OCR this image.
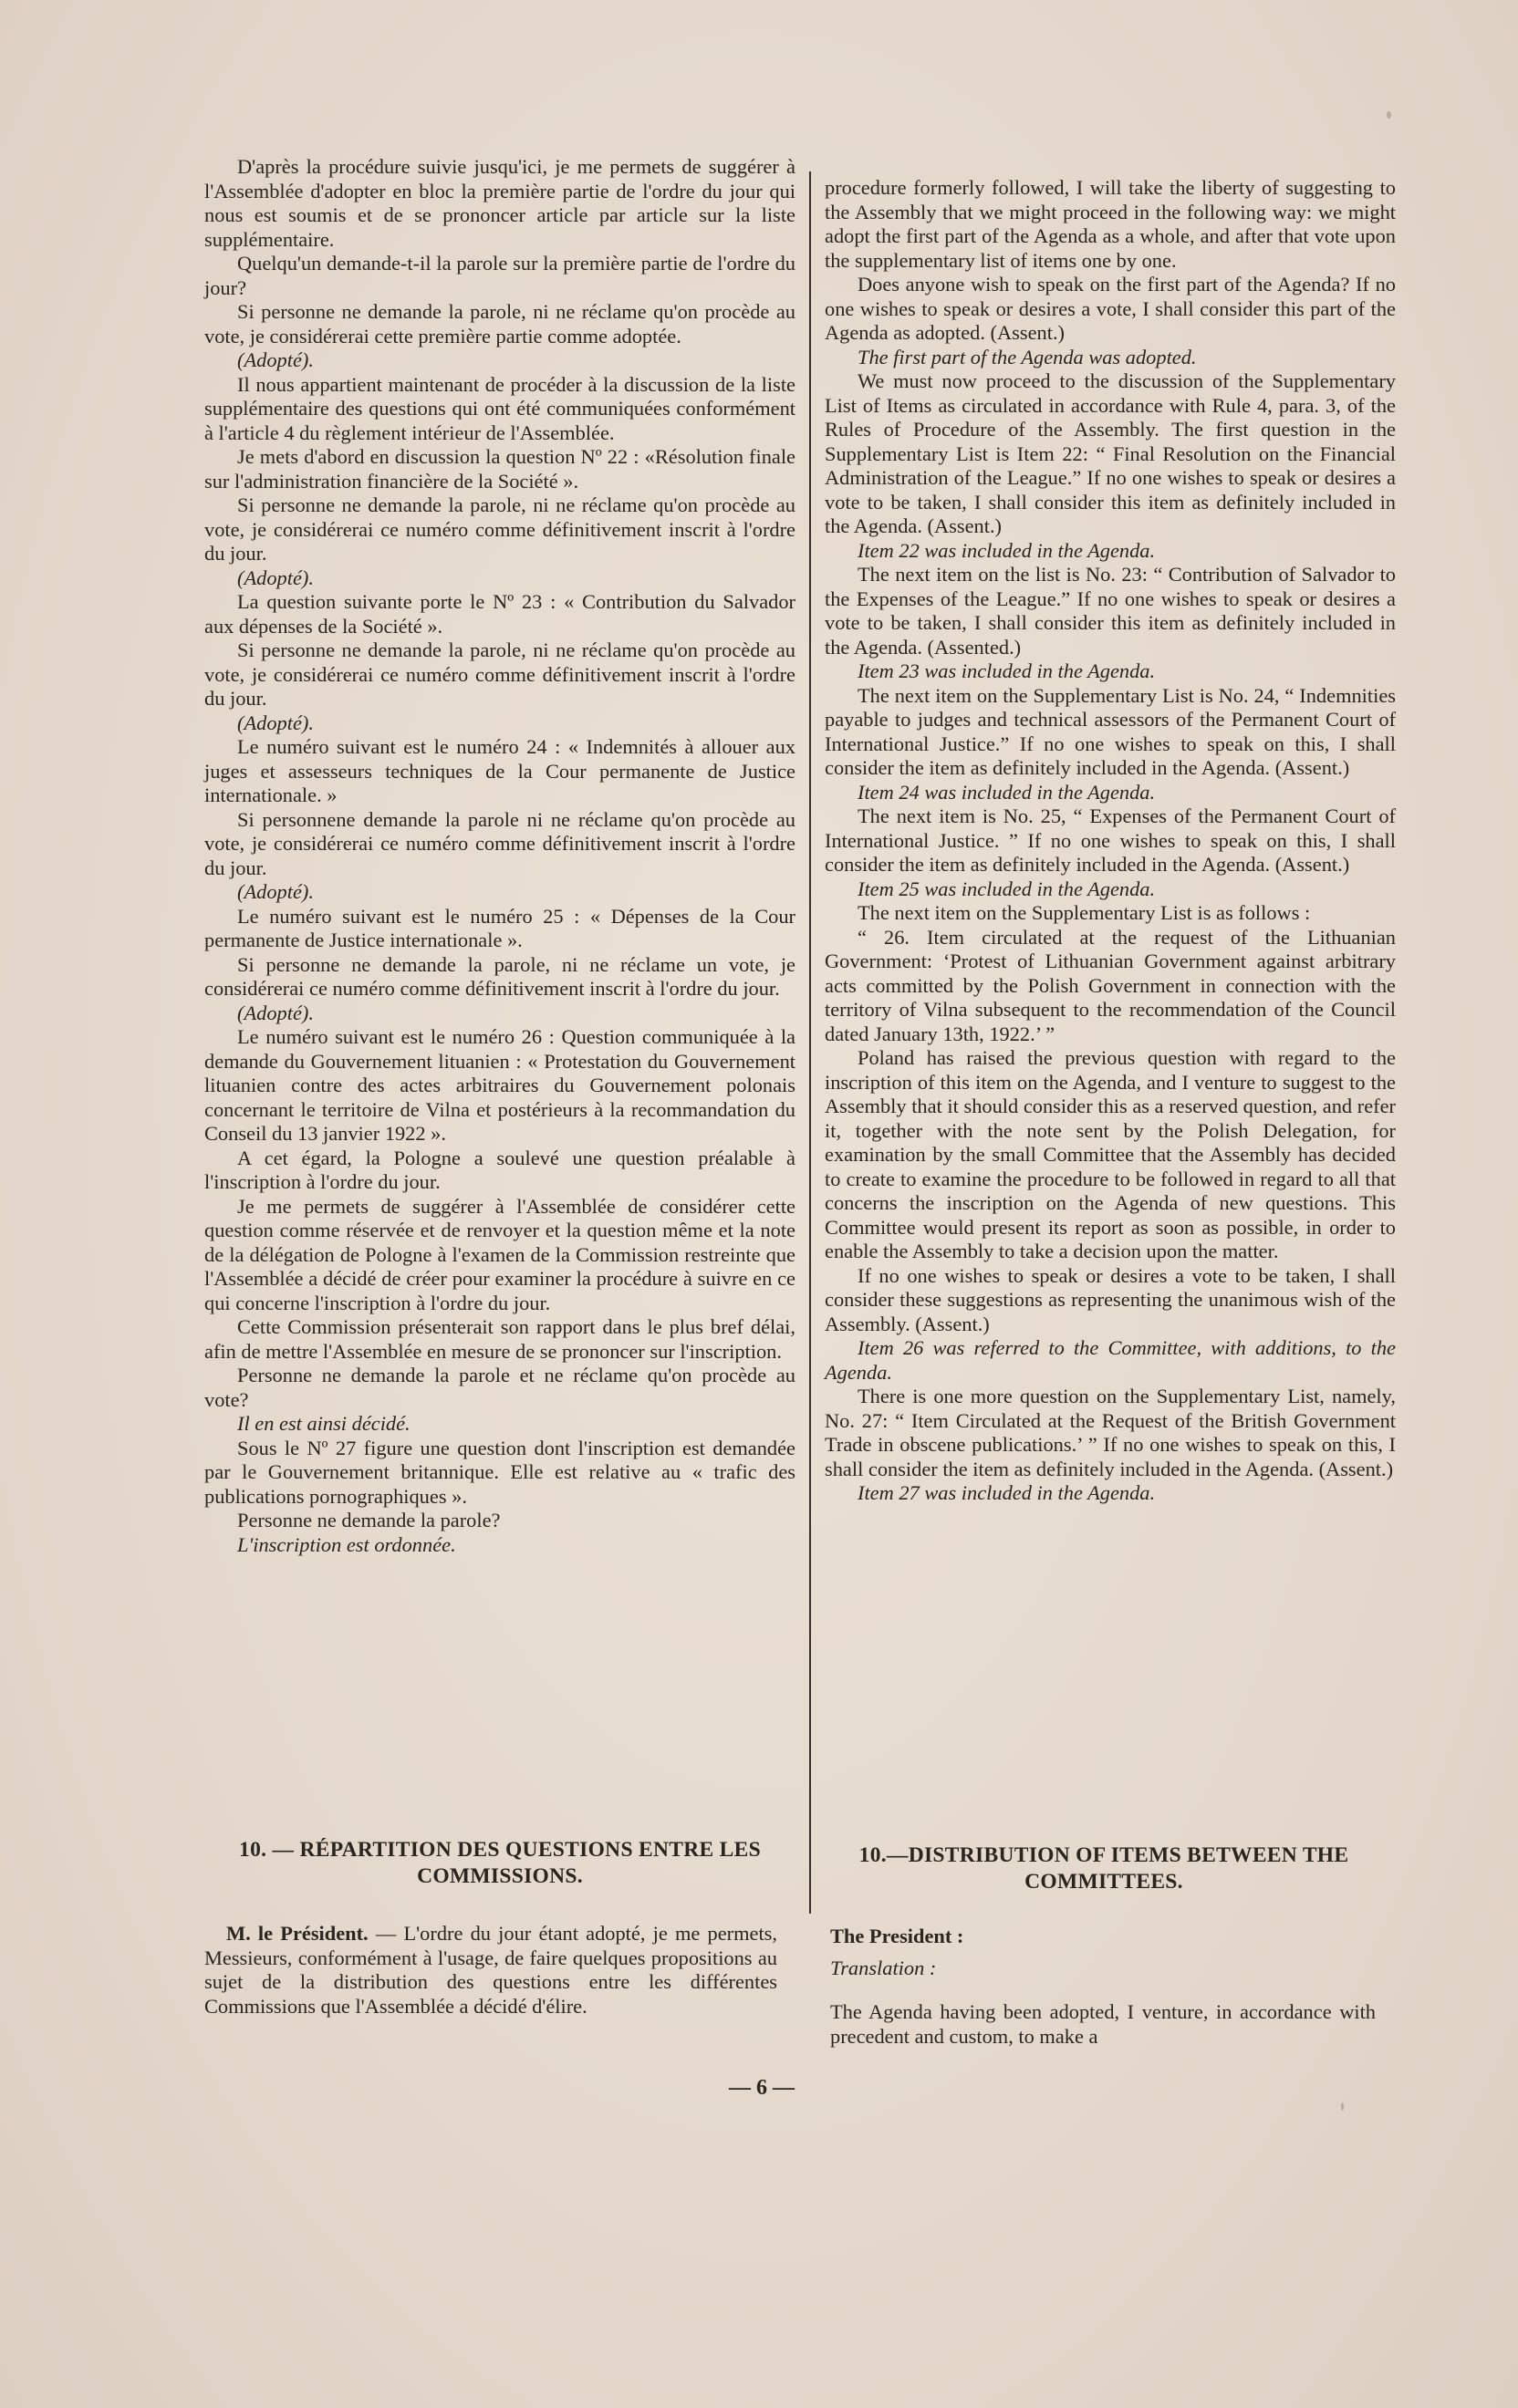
D'après la procédure suivie jusqu'ici, je me permets de suggérer à l'Assemblée d'adopter en bloc la première partie de l'ordre du jour qui nous est soumis et de se prononcer article par article sur la liste supplémentaire.

Quelqu'un demande-t-il la parole sur la première partie de l'ordre du jour?

Si personne ne demande la parole, ni ne réclame qu'on procède au vote, je considérerai cette première partie comme adoptée.

(Adopté).

Il nous appartient maintenant de procéder à la discussion de la liste supplémentaire des questions qui ont été communiquées conformément à l'article 4 du règlement intérieur de l'Assemblée.

Je mets d'abord en discussion la question Nº 22 : «Résolution finale sur l'administration financière de la Société ».

Si personne ne demande la parole, ni ne réclame qu'on procède au vote, je considérerai ce numéro comme définitivement inscrit à l'ordre du jour.

(Adopté).

La question suivante porte le Nº 23 : « Contribution du Salvador aux dépenses de la Société ».

Si personne ne demande la parole, ni ne réclame qu'on procède au vote, je considérerai ce numéro comme définitivement inscrit à l'ordre du jour.

(Adopté).

Le numéro suivant est le numéro 24 : « Indemnités à allouer aux juges et assesseurs techniques de la Cour permanente de Justice internationale. »

Si personnene demande la parole ni ne réclame qu'on procède au vote, je considérerai ce numéro comme définitivement inscrit à l'ordre du jour.

(Adopté).

Le numéro suivant est le numéro 25 : « Dépenses de la Cour permanente de Justice internationale ».

Si personne ne demande la parole, ni ne réclame un vote, je considérerai ce numéro comme définitivement inscrit à l'ordre du jour.

(Adopté).

Le numéro suivant est le numéro 26 : Question communiquée à la demande du Gouvernement lituanien : « Protestation du Gouvernement lituanien contre des actes arbitraires du Gouvernement polonais concernant le territoire de Vilna et postérieurs à la recommandation du Conseil du 13 janvier 1922 ».

A cet égard, la Pologne a soulevé une question préalable à l'inscription à l'ordre du jour.

Je me permets de suggérer à l'Assemblée de considérer cette question comme réservée et de renvoyer et la question même et la note de la délégation de Pologne à l'examen de la Commission restreinte que l'Assemblée a décidé de créer pour examiner la procédure à suivre en ce qui concerne l'inscription à l'ordre du jour.

Cette Commission présenterait son rapport dans le plus bref délai, afin de mettre l'Assemblée en mesure de se prononcer sur l'inscription.

Personne ne demande la parole et ne réclame qu'on procède au vote?

Il en est ainsi décidé.

Sous le Nº 27 figure une question dont l'inscription est demandée par le Gouvernement britannique. Elle est relative au « trafic des publications pornographiques ».

Personne ne demande la parole?

L'inscription est ordonnée.

procedure formerly followed, I will take the liberty of suggesting to the Assembly that we might proceed in the following way: we might adopt the first part of the Agenda as a whole, and after that vote upon the supplementary list of items one by one.

Does anyone wish to speak on the first part of the Agenda? If no one wishes to speak or desires a vote, I shall consider this part of the Agenda as adopted. (Assent.)

The first part of the Agenda was adopted.

We must now proceed to the discussion of the Supplementary List of Items as circulated in accordance with Rule 4, para. 3, of the Rules of Procedure of the Assembly. The first question in the Supplementary List is Item 22: “ Final Resolution on the Financial Administration of the League.” If no one wishes to speak or desires a vote to be taken, I shall consider this item as definitely included in the Agenda. (Assent.)

Item 22 was included in the Agenda.

The next item on the list is No. 23: “ Contribution of Salvador to the Expenses of the League.” If no one wishes to speak or desires a vote to be taken, I shall consider this item as definitely included in the Agenda. (Assented.)

Item 23 was included in the Agenda.

The next item on the Supplementary List is No. 24, “ Indemnities payable to judges and technical assessors of the Permanent Court of International Justice.” If no one wishes to speak on this, I shall consider the item as definitely included in the Agenda. (Assent.)

Item 24 was included in the Agenda.

The next item is No. 25, “ Expenses of the Permanent Court of International Justice. ” If no one wishes to speak on this, I shall consider the item as definitely included in the Agenda. (Assent.)

Item 25 was included in the Agenda.

The next item on the Supplementary List is as follows :

“ 26. Item circulated at the request of the Lithuanian Government: ‘Protest of Lithuanian Government against arbitrary acts committed by the Polish Government in connection with the territory of Vilna subsequent to the recommendation of the Council dated January 13th, 1922.’ ”

Poland has raised the previous question with regard to the inscription of this item on the Agenda, and I venture to suggest to the Assembly that it should consider this as a reserved question, and refer it, together with the note sent by the Polish Delegation, for examination by the small Committee that the Assembly has decided to create to examine the procedure to be followed in regard to all that concerns the inscription on the Agenda of new questions. This Committee would present its report as soon as possible, in order to enable the Assembly to take a decision upon the matter.

If no one wishes to speak or desires a vote to be taken, I shall consider these suggestions as representing the unanimous wish of the Assembly. (Assent.)

Item 26 was referred to the Committee, with additions, to the Agenda.

There is one more question on the Supplementary List, namely, No. 27: “ Item Circulated at the Request of the British Government Trade in obscene publications.’ ” If no one wishes to speak on this, I shall consider the item as definitely included in the Agenda. (Assent.)

Item 27 was included in the Agenda.

10. — RÉPARTITION DES QUESTIONS ENTRE LES COMMISSIONS.
10.—DISTRIBUTION OF ITEMS BETWEEN THE COMMITTEES.

M. le Président. — L'ordre du jour étant adopté, je me permets, Messieurs, conformément à l'usage, de faire quelques propositions au sujet de la distribution des questions entre les différentes Commissions que l'Assemblée a décidé d'élire.

The President :

Translation :

The Agenda having been adopted, I venture, in accordance with precedent and custom, to make a

— 6 —
